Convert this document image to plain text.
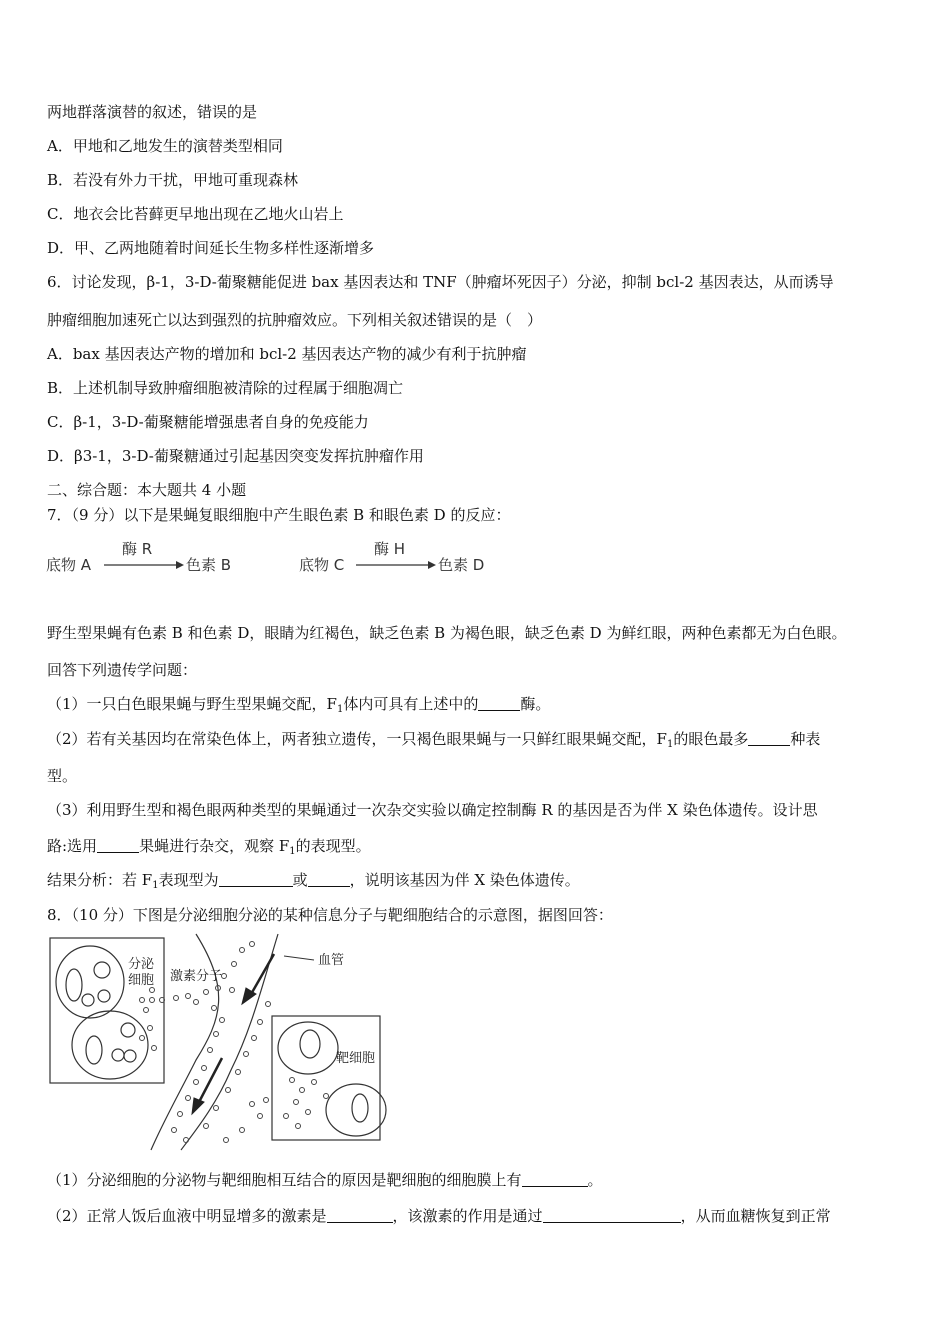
两地群落演替的叙述，错误的是
A．甲地和乙地发生的演替类型相同
B．若没有外力干扰，甲地可重现森林
C．地衣会比苔藓更早地出现在乙地火山岩上
D．甲、乙两地随着时间延长生物多样性逐渐增多
6．讨论发现，β-1，3-D-葡聚糖能促进 bax 基因表达和 TNF（肿瘤坏死因子）分泌，抑制 bcl-2 基因表达，从而诱导
肿瘤细胞加速死亡以达到强烈的抗肿瘤效应。下列相关叙述错误的是（　）
A．bax 基因表达产物的增加和 bcl-2 基因表达产物的减少有利于抗肿瘤
B．上述机制导致肿瘤细胞被清除的过程属于细胞凋亡
C．β-1，3-D-葡聚糖能增强患者自身的免疫能力
D．β3-1，3-D-葡聚糖通过引起基因突变发挥抗肿瘤作用
二、综合题：本大题共 4 小题
7．（9 分）以下是果蝇复眼细胞中产生眼色素 B 和眼色素 D 的反应：
底物 A
酶 R
色素 B	底物 C
酶 H
色素 D
野生型果蝇有色素 B 和色素 D，眼睛为红褐色，缺乏色素 B 为褐色眼，缺乏色素 D 为鲜红眼，两种色素都无为白色眼。
回答下列遗传学问题：
（1）一只白色眼果蝇与野生型果蝇交配，$F_1$体内可具有上述中的	酶。
（2）若有关基因均在常染色体上，两者独立遗传，一只褐色眼果蝇与一只鲜红眼果蝇交配，$F_1$的眼色最多	种表
型。
（3）利用野生型和褐色眼两种类型的果蝇通过一次杂交实验以确定控制酶 R 的基因是否为伴 X 染色体遗传。设计思
路:选用	果蝇进行杂交，观察 $F_1$的表现型。
结果分析：若 $F_1$表现型为	或	，说明该基因为伴 X 染色体遗传。
8．（10 分）下图是分泌细胞分泌的某种信息分子与靶细胞结合的示意图，据图回答：
分泌
细胞 激素分子
血管
靶细胞
（1）分泌细胞的分泌物与靶细胞相互结合的原因是靶细胞的细胞膜上有	。
（2）正常人饭后血液中明显增多的激素是	，该激素的作用是通过	，从而血糖恢复到正常
